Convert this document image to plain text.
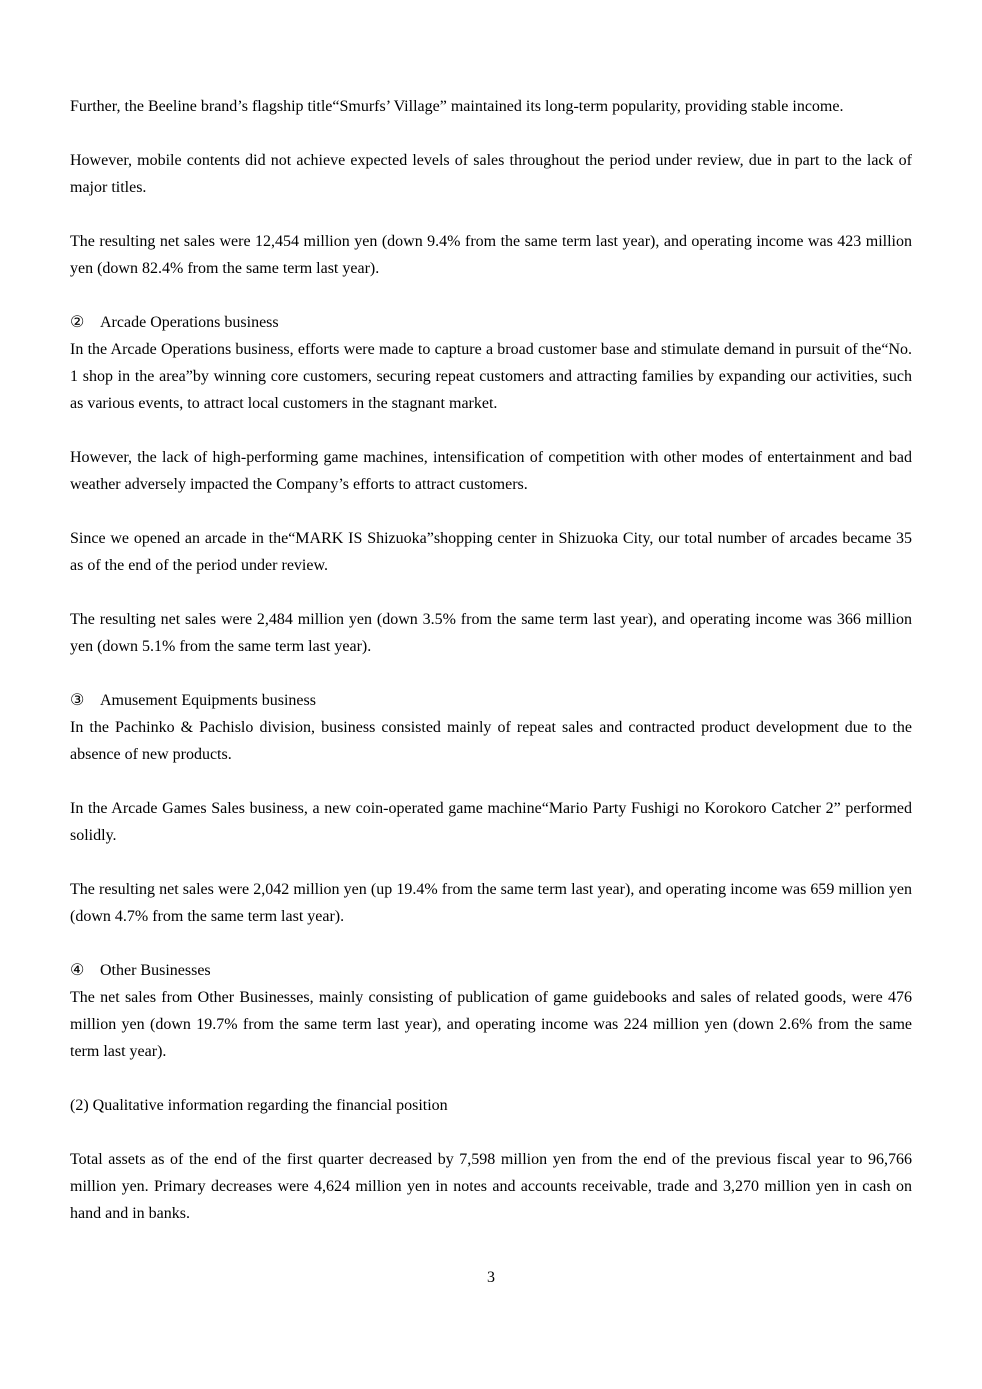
Further, the Beeline brand’s flagship title“Smurfs’ Village” maintained its long-term popularity, providing stable income.

However, mobile contents did not achieve expected levels of sales throughout the period under review, due in part to the lack of major titles.

The resulting net sales were 12,454 million yen (down 9.4% from the same term last year), and operating income was 423 million yen (down 82.4% from the same term last year).

② Arcade Operations business

In the Arcade Operations business, efforts were made to capture a broad customer base and stimulate demand in pursuit of the“No. 1 shop in the area”by winning core customers, securing repeat customers and attracting families by expanding our activities, such as various events, to attract local customers in the stagnant market.

However, the lack of high-performing game machines, intensification of competition with other modes of entertainment and bad weather adversely impacted the Company’s efforts to attract customers.

Since we opened an arcade in the“MARK IS Shizuoka”shopping center in Shizuoka City, our total number of arcades became 35 as of the end of the period under review.

The resulting net sales were 2,484 million yen (down 3.5% from the same term last year), and operating income was 366 million yen (down 5.1% from the same term last year).

③ Amusement Equipments business

In the Pachinko & Pachislo division, business consisted mainly of repeat sales and contracted product development due to the absence of new products.

In the Arcade Games Sales business, a new coin-operated game machine“Mario Party Fushigi no Korokoro Catcher 2” performed solidly.

The resulting net sales were 2,042 million yen (up 19.4% from the same term last year), and operating income was 659 million yen (down 4.7% from the same term last year).

④ Other Businesses

The net sales from Other Businesses, mainly consisting of publication of game guidebooks and sales of related goods, were 476 million yen (down 19.7% from the same term last year), and operating income was 224 million yen (down 2.6% from the same term last year).

(2) Qualitative information regarding the financial position

Total assets as of the end of the first quarter decreased by 7,598 million yen from the end of the previous fiscal year to 96,766 million yen. Primary decreases were 4,624 million yen in notes and accounts receivable, trade and 3,270 million yen in cash on hand and in banks.

3
